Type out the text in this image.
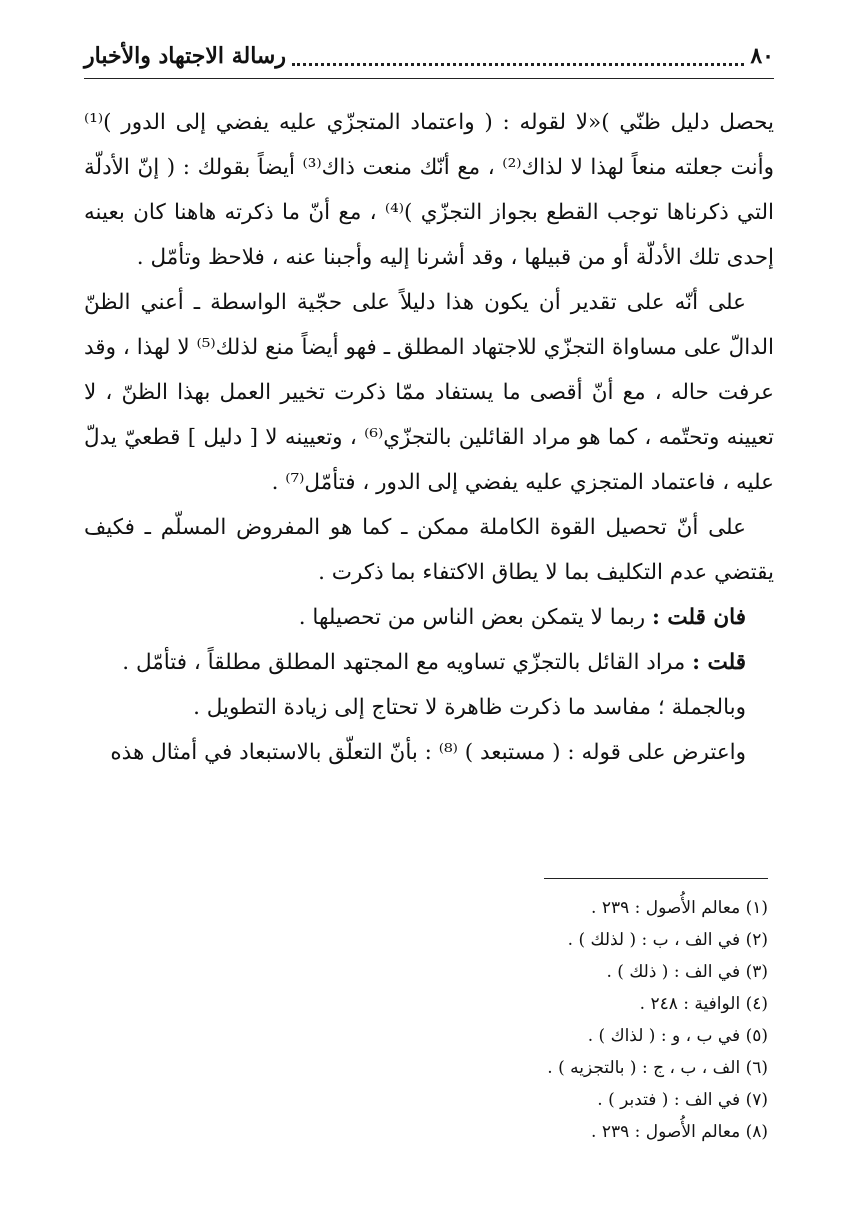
٨٠
رسالة الاجتهاد والأخبار

يحصل دليل ظنّي )«لا لقوله : ( واعتماد المتجزّي عليه يفضي إلى الدور )⁽¹⁾ وأنت جعلته منعاً لهذا لا لذاك⁽²⁾ ، مع أنّك منعت ذاك⁽³⁾ أيضاً بقولك : ( إنّ الأدلّة التي ذكرناها توجب القطع بجواز التجزّي )⁽⁴⁾ ، مع أنّ ما ذكرته هاهنا كان بعينه إحدى تلك الأدلّة أو من قبيلها ، وقد أشرنا إليه وأجبنا عنه ، فلاحظ وتأمّل .

على أنّه على تقدير أن يكون هذا دليلاً على حجّية الواسطة ـ أعني الظنّ الدالّ على مساواة التجزّي للاجتهاد المطلق ـ فهو أيضاً منع لذلك⁽⁵⁾ لا لهذا ، وقد عرفت حاله ، مع أنّ أقصى ما يستفاد ممّا ذكرت تخيير العمل بهذا الظنّ ، لا تعيينه وتحتّمه ، كما هو مراد القائلين بالتجزّي⁽⁶⁾ ، وتعيينه لا [ دليل ] قطعيّ يدلّ عليه ، فاعتماد المتجزي عليه يفضي إلى الدور ، فتأمّل⁽⁷⁾ .

على أنّ تحصيل القوة الكاملة ممكن ـ كما هو المفروض المسلّم ـ فكيف يقتضي عدم التكليف بما لا يطاق الاكتفاء بما ذكرت .

فان قلت : ربما لا يتمكن بعض الناس من تحصيلها .

قلت : مراد القائل بالتجزّي تساويه مع المجتهد المطلق مطلقاً ، فتأمّل .

وبالجملة ؛ مفاسد ما ذكرت ظاهرة لا تحتاج إلى زيادة التطويل .

واعترض على قوله : ( مستبعد ) ⁽⁸⁾ : بأنّ التعلّق بالاستبعاد في أمثال هذه

(١) معالم الأُصول : ٢٣٩ .
(٢) في الف ، ب : ( لذلك ) .
(٣) في الف : ( ذلك ) .
(٤) الوافية : ٢٤٨ .
(٥) في ب ، و : ( لذاك ) .
(٦) الف ، ب ، ج : ( بالتجزيه ) .
(٧) في الف : ( فتدبر ) .
(٨) معالم الأُصول : ٢٣٩ .
